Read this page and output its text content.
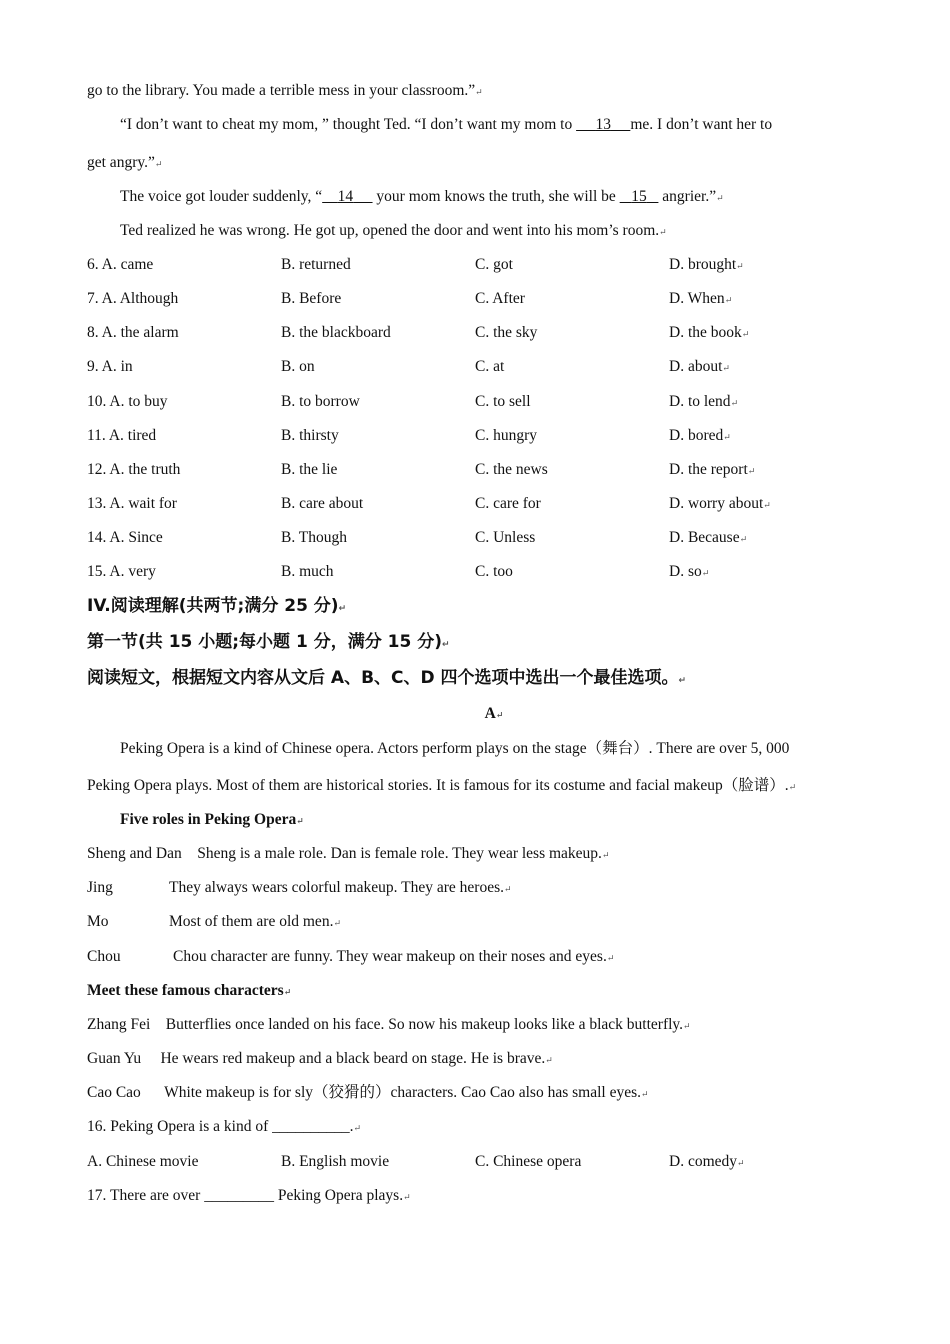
go to the library. You made a terrible mess in your classroom.”↵
“I don’t want to cheat my mom, ” thought Ted. “I don’t want my mom to      13 me. I don’t want her to
get angry.”↵
The voice got louder suddenly, “ 14      your mom knows the truth, she will be    15    angrier.”↵
Ted realized he was wrong. He got up, opened the door and went into his mom’s room.↵
6. A. came	B. returned	C. got	D. brought↵
7. A. Although	B. Before	C. After	D. When↵
8. A. the alarm	B. the blackboard	C. the sky	D. the book↵
9. A. in	B. on	C. at	D. about↵
10. A. to buy	B. to borrow	C. to sell	D. to lend↵
11. A. tired	B. thirsty	C. hungry	D. bored↵
12. A. the truth	B. the lie	C. the news	D. the report↵
13. A. wait for	B. care about	C. care for	D. worry about↵
14. A. Since	B. Though	C. Unless	D. Because↵
15. A. very	B. much	C. too	D. so↵
IV.阅读理解(共两节;满分 25 分)↵
第一节(共 15 小题;每小题 1 分，满分 15 分)↵
阅读短文，根据短文内容从文后 A、B、C、D 四个选项中选出一个最佳选项。↵
A↵
Peking Opera is a kind of Chinese opera. Actors perform plays on the stage（舞台）. There are over 5, 000
Peking Opera plays. Most of them are historical stories. It is famous for its costume and facial makeup（脸谱）.↵
Five roles in Peking Opera↵
Sheng and Dan Sheng is a male role. Dan is female role. They wear less makeup.↵
Jing	They always wears colorful makeup. They are heroes.↵
Mo	Most of them are old men.↵
Chou	Chou character are funny. They wear makeup on their noses and eyes.↵
Meet these famous characters↵
Zhang Fei Butterflies once landed on his face. So now his makeup looks like a black butterfly.↵
Guan Yu He wears red makeup and a black beard on stage. He is brave.↵
Cao Cao White makeup is for sly（狡猾的）characters. Cao Cao also has small eyes.↵
16. Peking Opera is a kind of __________.↵
A. Chinese movie	B. English movie	C. Chinese opera	D. comedy↵
17. There are over _________ Peking Opera plays.↵
